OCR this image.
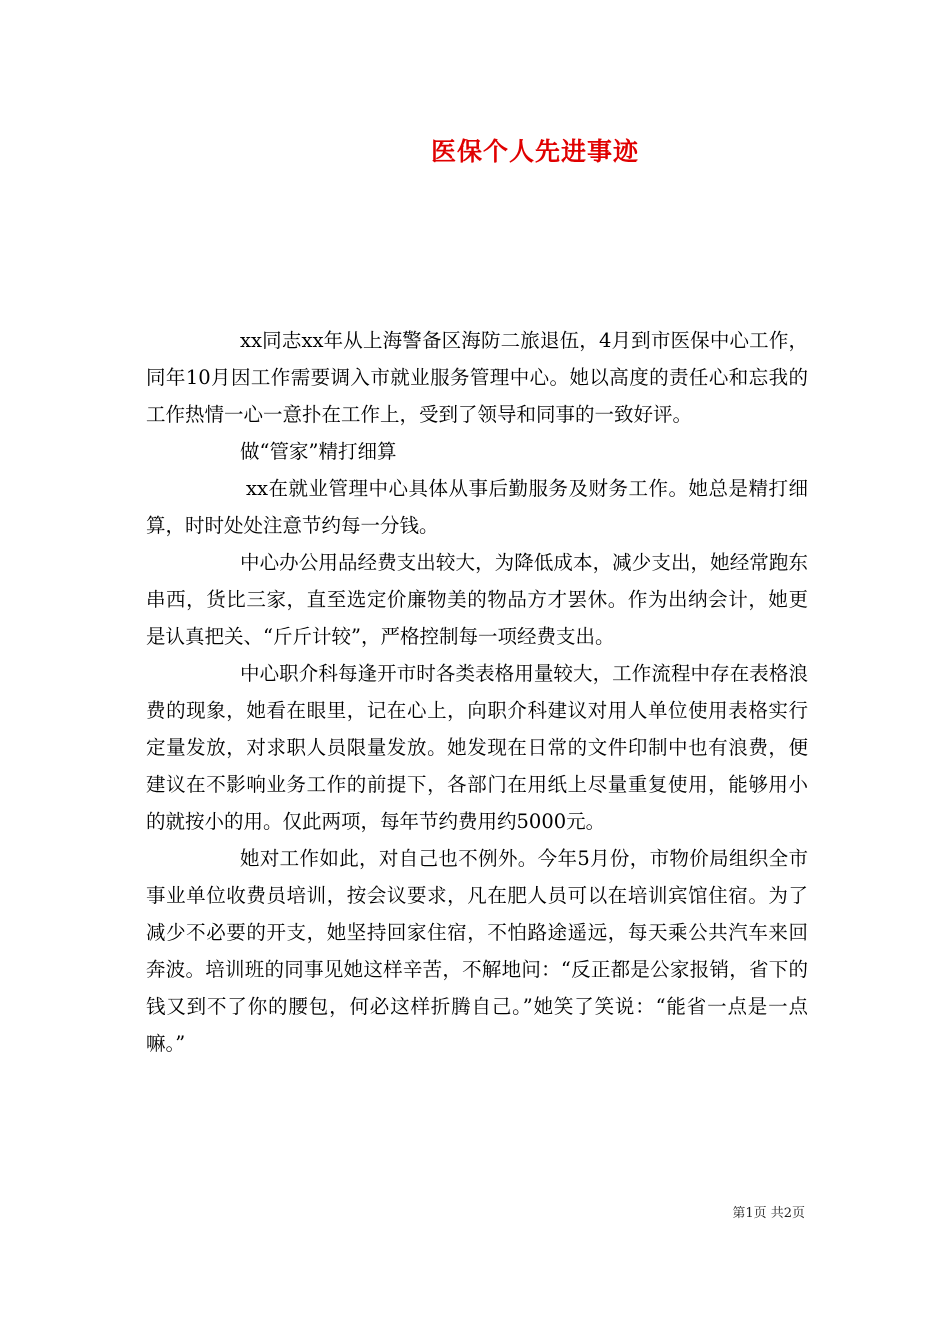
医保个人先进事迹

xx同志xx年从上海警备区海防二旅退伍，4月到市医保中心工作，同年10月因工作需要调入市就业服务管理中心。她以高度的责任心和忘我的工作热情一心一意扑在工作上，受到了领导和同事的一致好评。

做“管家”精打细算

xx在就业管理中心具体从事后勤服务及财务工作。她总是精打细算，时时处处注意节约每一分钱。

中心办公用品经费支出较大，为降低成本，减少支出，她经常跑东串西，货比三家，直至选定价廉物美的物品方才罢休。作为出纳会计，她更是认真把关、“斤斤计较”，严格控制每一项经费支出。

中心职介科每逢开市时各类表格用量较大，工作流程中存在表格浪费的现象，她看在眼里，记在心上，向职介科建议对用人单位使用表格实行定量发放，对求职人员限量发放。她发现在日常的文件印制中也有浪费，便建议在不影响业务工作的前提下，各部门在用纸上尽量重复使用，能够用小的就按小的用。仅此两项，每年节约费用约5000元。

她对工作如此，对自己也不例外。今年5月份，市物价局组织全市事业单位收费员培训，按会议要求，凡在肥人员可以在培训宾馆住宿。为了减少不必要的开支，她坚持回家住宿，不怕路途遥远，每天乘公共汽车来回奔波。培训班的同事见她这样辛苦，不解地问：“反正都是公家报销，省下的钱又到不了你的腰包，何必这样折腾自己。”她笑了笑说：“能省一点是一点嘛。”

第1页 共2页
